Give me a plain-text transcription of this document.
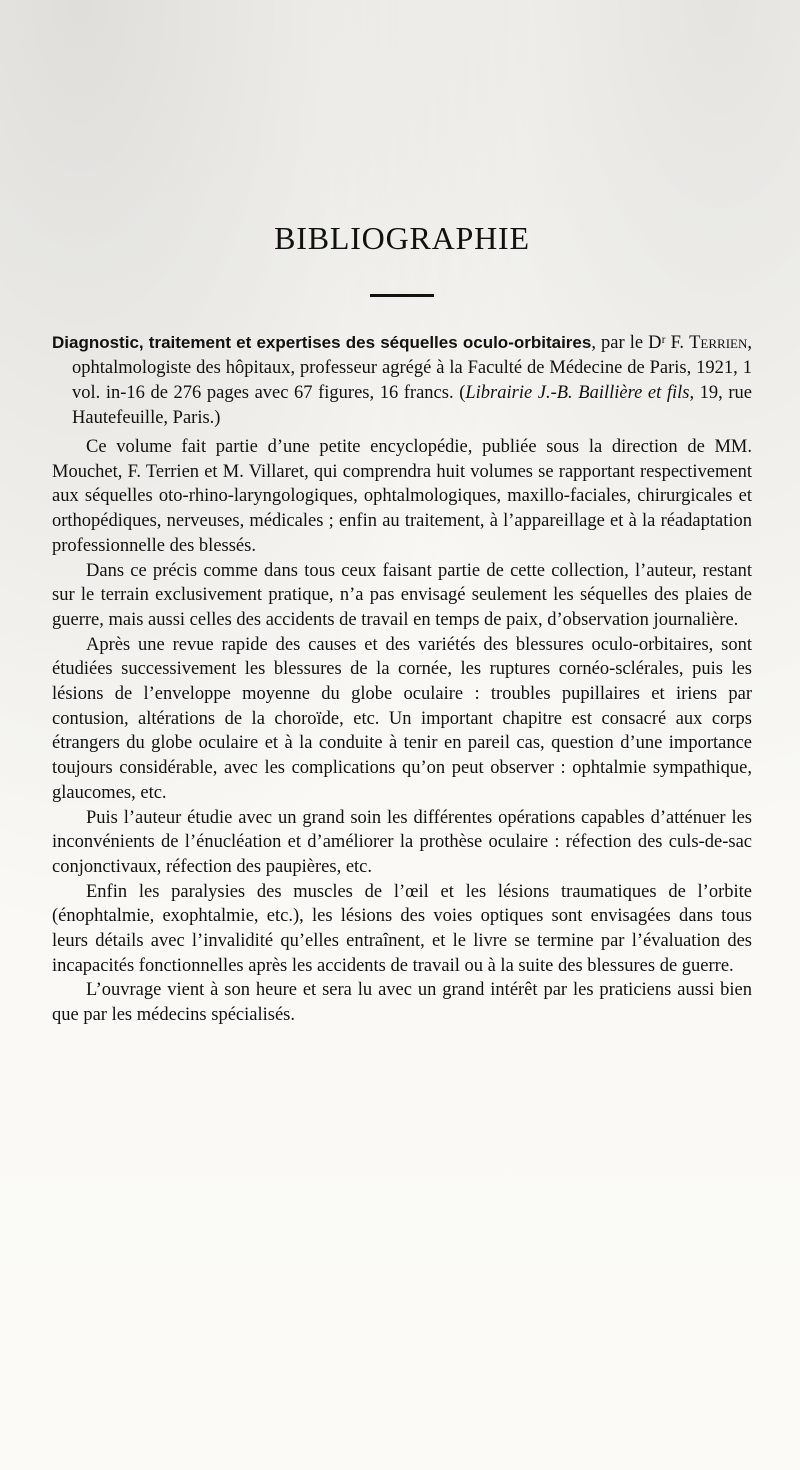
BIBLIOGRAPHIE

Diagnostic, traitement et expertises des séquelles oculo-orbitaires, par le Dʳ F. Terrien, ophtalmologiste des hôpitaux, professeur agrégé à la Faculté de Médecine de Paris, 1921, 1 vol. in-16 de 276 pages avec 67 figures, 16 francs. (Librairie J.-B. Baillière et fils, 19, rue Hautefeuille, Paris.)

Ce volume fait partie d’une petite encyclopédie, publiée sous la direction de MM. Mouchet, F. Terrien et M. Villaret, qui comprendra huit volumes se rapportant respectivement aux séquelles oto-rhino-laryngologiques, ophtalmologiques, maxillo-faciales, chirurgicales et orthopédiques, nerveuses, médicales ; enfin au traitement, à l’appareillage et à la réadaptation professionnelle des blessés.

Dans ce précis comme dans tous ceux faisant partie de cette collection, l’auteur, restant sur le terrain exclusivement pratique, n’a pas envisagé seulement les séquelles des plaies de guerre, mais aussi celles des accidents de travail en temps de paix, d’observation journalière.

Après une revue rapide des causes et des variétés des blessures oculo-orbitaires, sont étudiées successivement les blessures de la cornée, les ruptures cornéo-sclérales, puis les lésions de l’enveloppe moyenne du globe oculaire : troubles pupillaires et iriens par contusion, altérations de la choroïde, etc. Un important chapitre est consacré aux corps étrangers du globe oculaire et à la conduite à tenir en pareil cas, question d’une importance toujours considérable, avec les complications qu’on peut observer : ophtalmie sympathique, glaucomes, etc.

Puis l’auteur étudie avec un grand soin les différentes opérations capables d’atténuer les inconvénients de l’énucléation et d’améliorer la prothèse oculaire : réfection des culs-de-sac conjonctivaux, réfection des paupières, etc.

Enfin les paralysies des muscles de l’œil et les lésions traumatiques de l’orbite (énophtalmie, exophtalmie, etc.), les lésions des voies optiques sont envisagées dans tous leurs détails avec l’invalidité qu’elles entraînent, et le livre se termine par l’évaluation des incapacités fonctionnelles après les accidents de travail ou à la suite des blessures de guerre.

L’ouvrage vient à son heure et sera lu avec un grand intérêt par les praticiens aussi bien que par les médecins spécialisés.
